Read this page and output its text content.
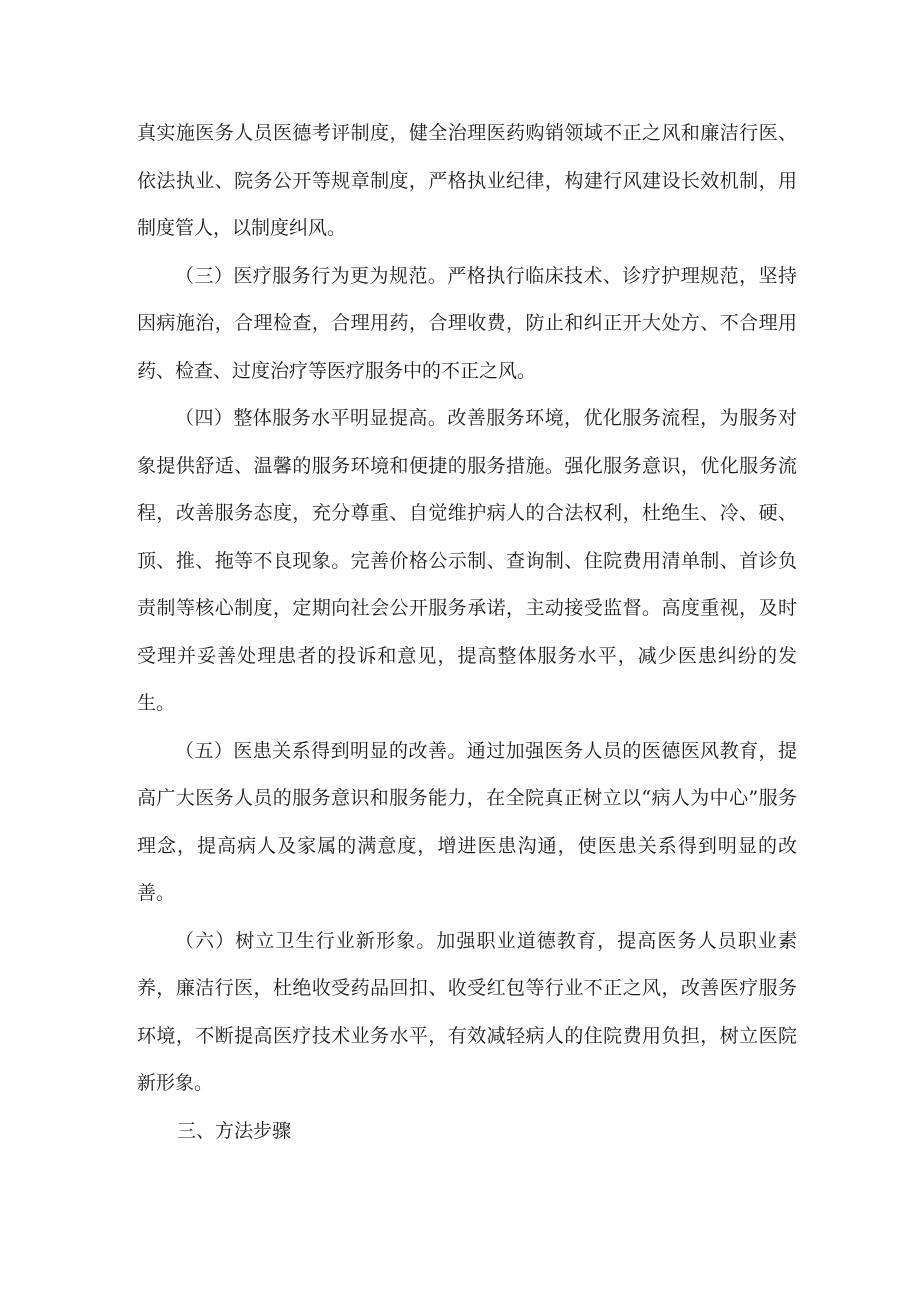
真实施医务人员医德考评制度，健全治理医药购销领域不正之风和廉洁行医、依法执业、院务公开等规章制度，严格执业纪律，构建行风建设长效机制，用制度管人，以制度纠风。

（三）医疗服务行为更为规范。严格执行临床技术、诊疗护理规范，坚持因病施治，合理检查，合理用药，合理收费，防止和纠正开大处方、不合理用药、检查、过度治疗等医疗服务中的不正之风。

（四）整体服务水平明显提高。改善服务环境，优化服务流程，为服务对象提供舒适、温馨的服务环境和便捷的服务措施。强化服务意识，优化服务流程，改善服务态度，充分尊重、自觉维护病人的合法权利，杜绝生、冷、硬、顶、推、拖等不良现象。完善价格公示制、查询制、住院费用清单制、首诊负责制等核心制度，定期向社会公开服务承诺，主动接受监督。高度重视，及时受理并妥善处理患者的投诉和意见，提高整体服务水平，减少医患纠纷的发生。

（五）医患关系得到明显的改善。通过加强医务人员的医德医风教育，提高广大医务人员的服务意识和服务能力，在全院真正树立以“病人为中心”服务理念，提高病人及家属的满意度，增进医患沟通，使医患关系得到明显的改善。

（六）树立卫生行业新形象。加强职业道德教育，提高医务人员职业素养，廉洁行医，杜绝收受药品回扣、收受红包等行业不正之风，改善医疗服务环境，不断提高医疗技术业务水平，有效减轻病人的住院费用负担，树立医院新形象。

三、方法步骤
